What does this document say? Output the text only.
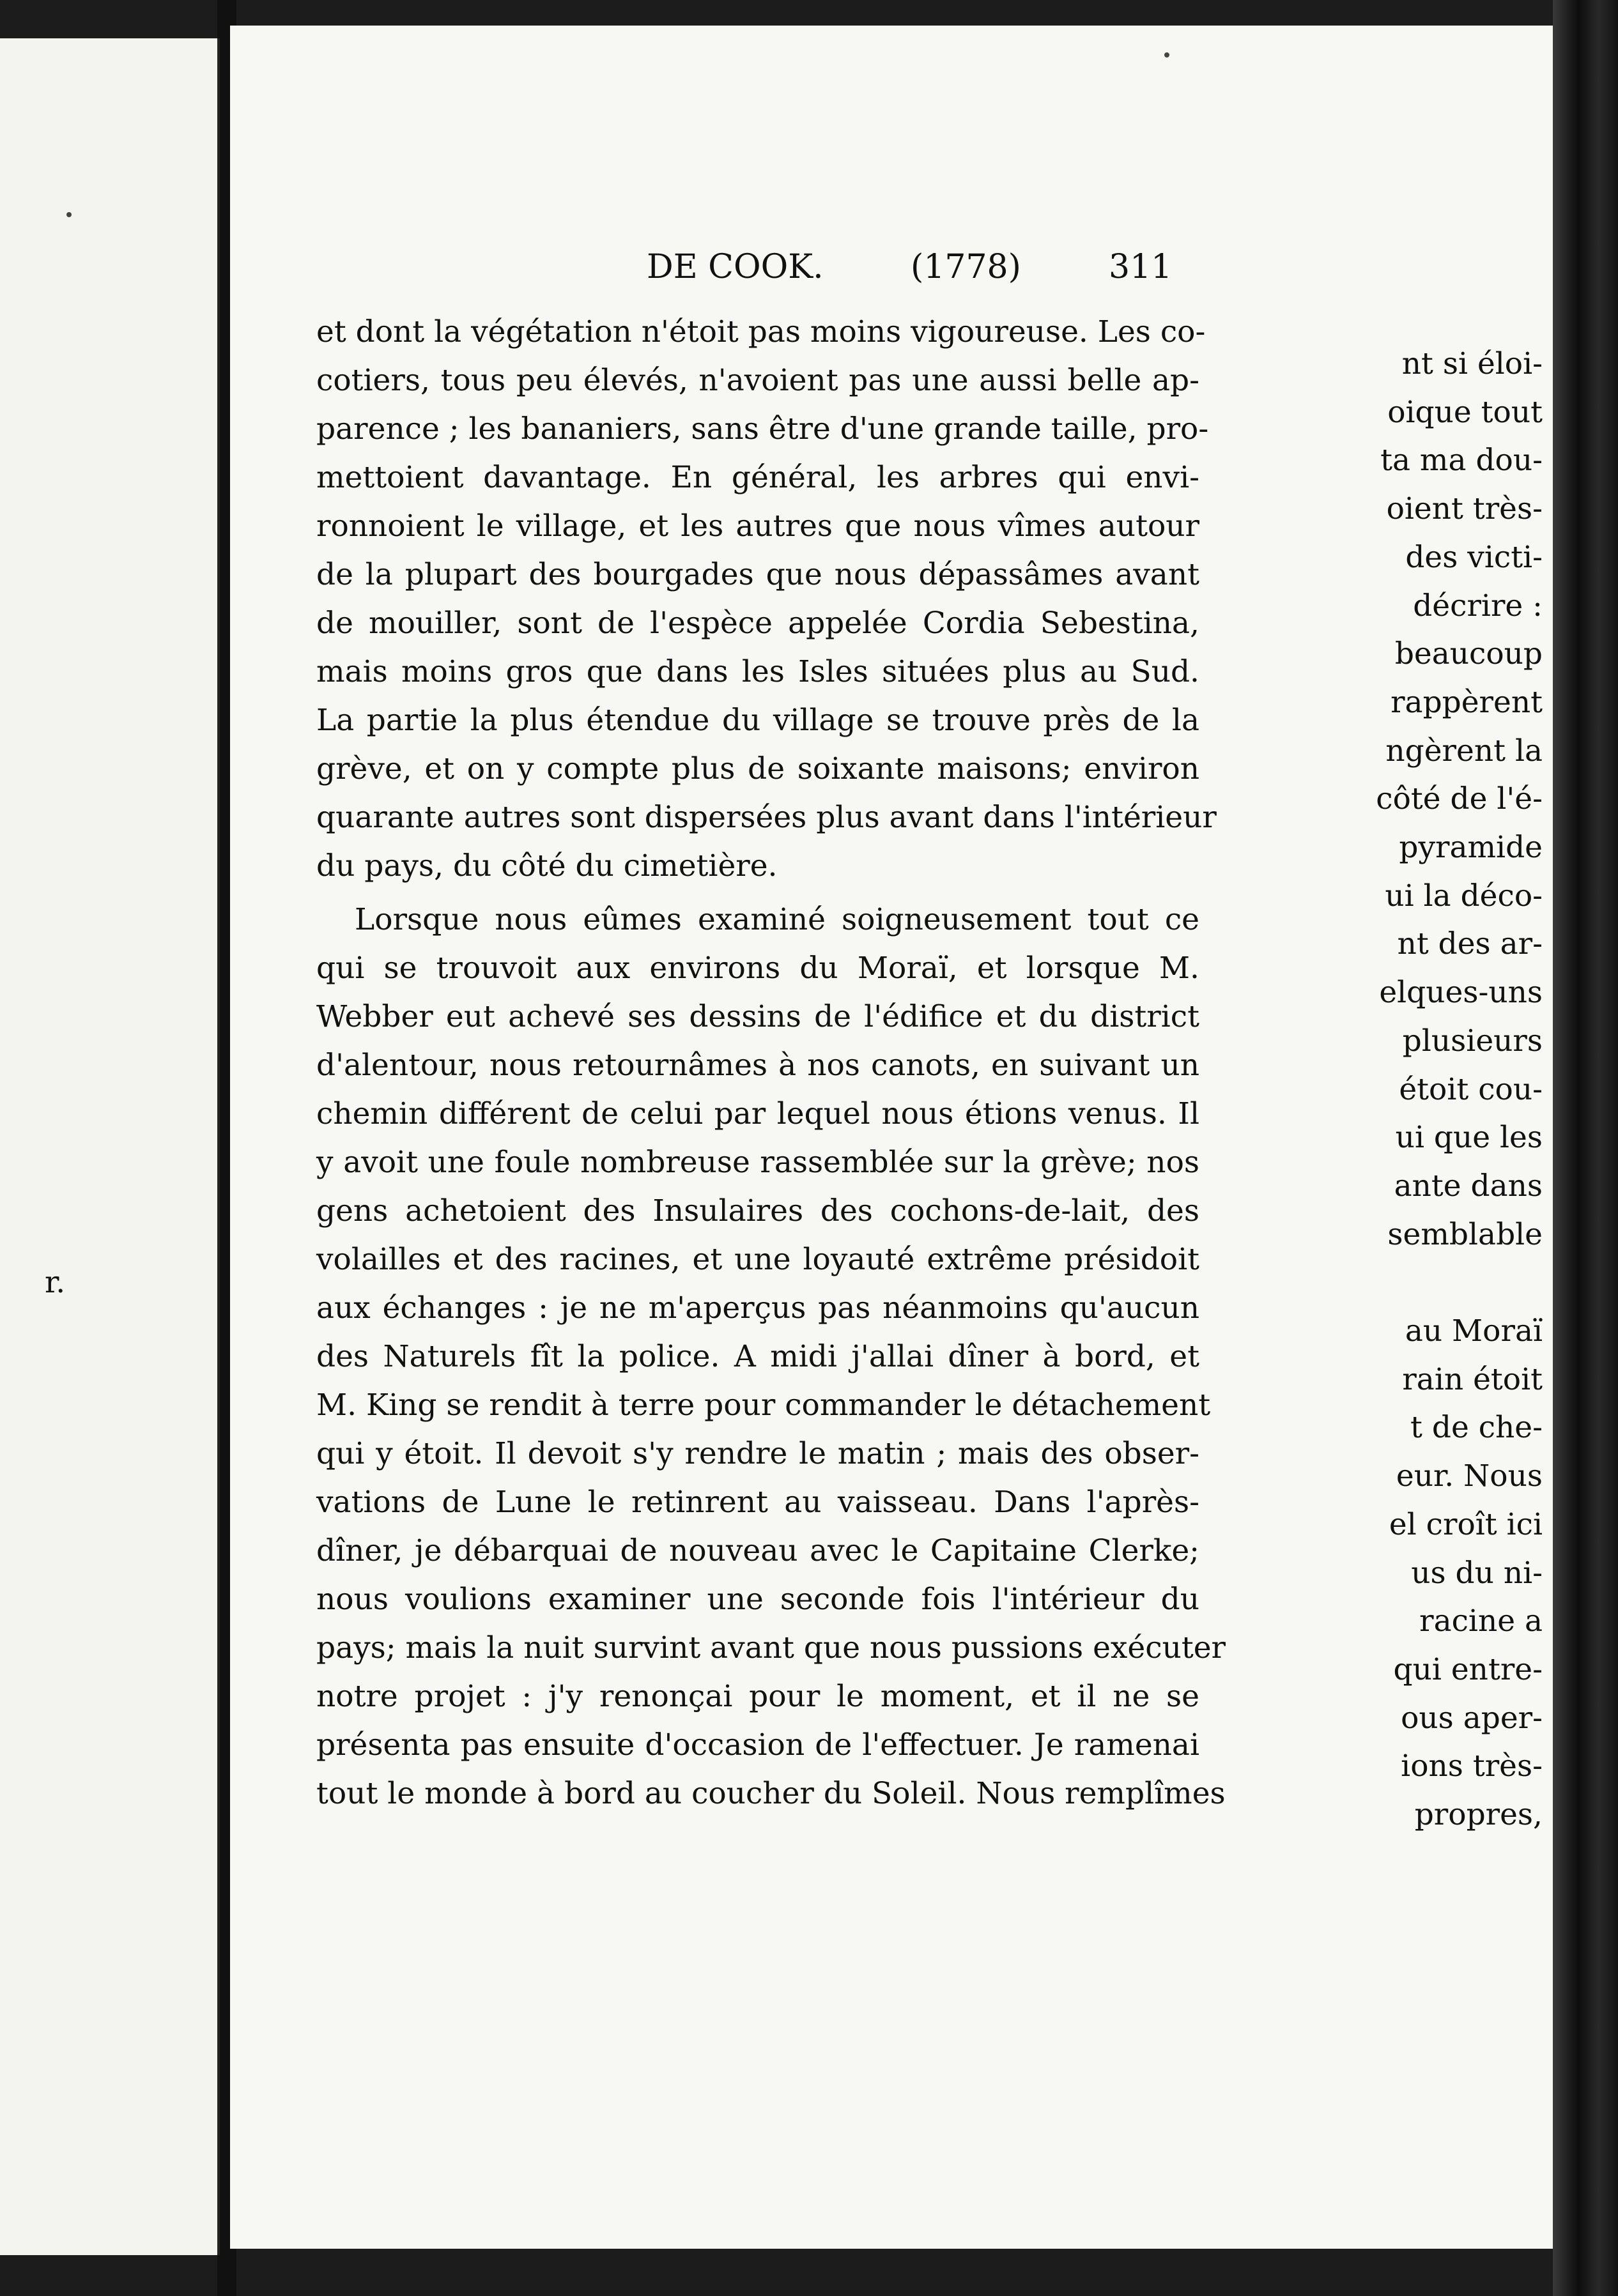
nt si éloi-
oique tout
ta ma dou-
oient très-
des victi-
décrire :
beaucoup
rappèrent
ngèrent la
côté de l'é-
pyramide
ui la déco-
nt des ar-
elques-uns
plusieurs
étoit cou-
ui que les
ante dans
semblable
r.
au Moraï
rain étoit
t de che-
eur. Nous
el croît ici
us du ni-
racine a
qui entre-
ous aper-
ions très-
propres,
DE COOK.	(1778)	311
et dont la végétation n'étoit pas moins vigoureuse. Les co-
cotiers, tous peu élevés, n'avoient pas une aussi belle ap-
parence ; les bananiers, sans être d'une grande taille, pro-
mettoient davantage. En général, les arbres qui envi-
ronnoient le village, et les autres que nous vîmes autour
de la plupart des bourgades que nous dépassâmes avant
de mouiller, sont de l'espèce appelée Cordia Sebestina,
mais moins gros que dans les Isles situées plus au Sud.
La partie la plus étendue du village se trouve près de la
grève, et on y compte plus de soixante maisons; environ
quarante autres sont dispersées plus avant dans l'intérieur
du pays, du côté du cimetière.
Lorsque nous eûmes examiné soigneusement tout ce
qui se trouvoit aux environs du Moraï, et lorsque M.
Webber eut achevé ses dessins de l'édifice et du district
d'alentour, nous retournâmes à nos canots, en suivant un
chemin différent de celui par lequel nous étions venus. Il
y avoit une foule nombreuse rassemblée sur la grève; nos
gens achetoient des Insulaires des cochons-de-lait, des
volailles et des racines, et une loyauté extrême présidoit
aux échanges : je ne m'aperçus pas néanmoins qu'aucun
des Naturels fît la police. A midi j'allai dîner à bord, et
M. King se rendit à terre pour commander le détachement
qui y étoit. Il devoit s'y rendre le matin ; mais des obser-
vations de Lune le retinrent au vaisseau. Dans l'après-
dîner, je débarquai de nouveau avec le Capitaine Clerke;
nous voulions examiner une seconde fois l'intérieur du
pays; mais la nuit survint avant que nous pussions exécuter
notre projet : j'y renonçai pour le moment, et il ne se
présenta pas ensuite d'occasion de l'effectuer. Je ramenai
tout le monde à bord au coucher du Soleil. Nous remplîmes
